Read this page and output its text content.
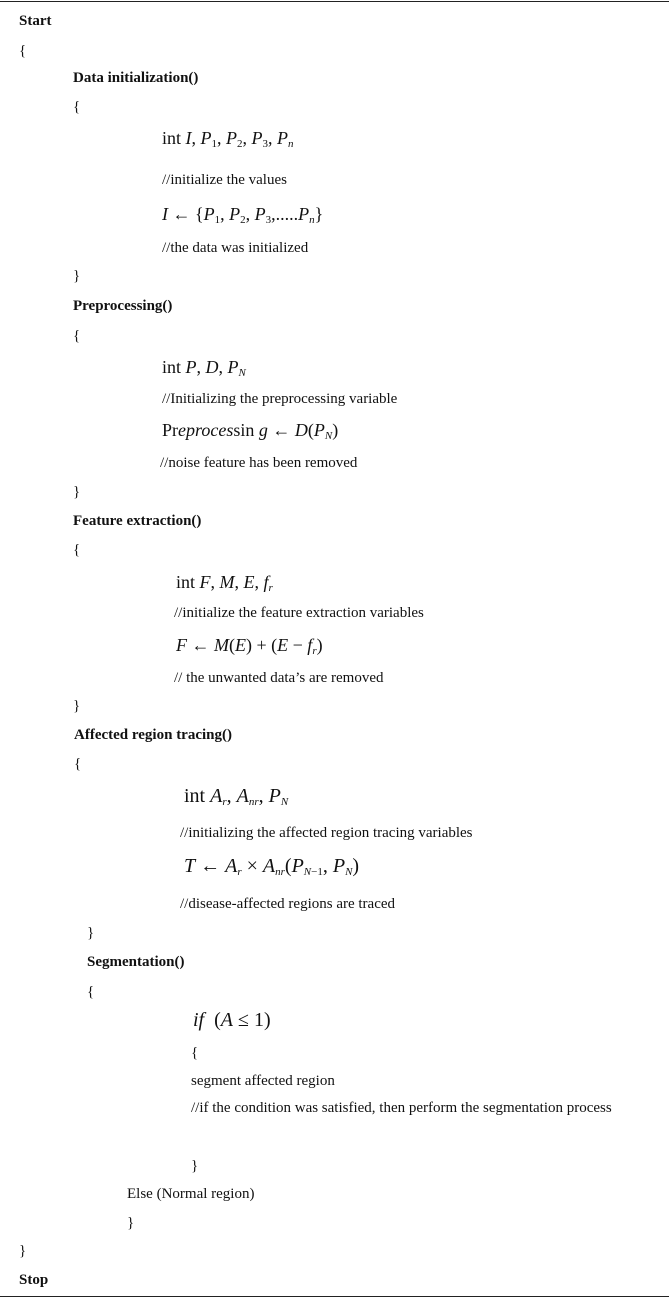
Start
{
Data initialization()
{
int I, $P_1$, $P_2$, $P_3$, $P_n$
//initialize the values
I ← {$P_1$, $P_2$, $P_3,.....P_n$}
//the data was initialized
}
Preprocessing()
{
int P, D, $P_N$
//Initializing the preprocessing variable
Preprocessin g ← $D(P_N)$
//noise feature has been removed
}
Feature extraction()
{
int F, M, E, $f_r$
//initialize the feature extraction variables
F ← $M(E) + (E - f_r)$
// the unwanted data’s are removed
}
Affected region tracing()
{
int $A_r$, $A_{nr}$, $P_N$
//initializing the affected region tracing variables
T ← $A_r \times A_{nr}(P_{N-1}$, $P_N$)
//disease-affected regions are traced
}
Segmentation()
{
if  (A ≤ 1)
{
segment affected region
//if the condition was satisfied, then perform the segmentation process
}
Else (Normal region)
}
}
Stop
